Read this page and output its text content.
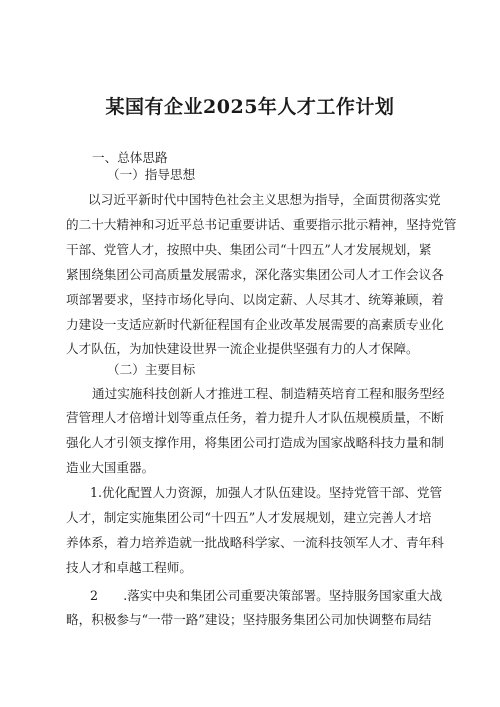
某国有企业2025年人才工作计划
一、总体思路
（一）指导思想
以习近平新时代中国特色社会主义思想为指导，全面贯彻落实党
的二十大精神和习近平总书记重要讲话、重要指示批示精神，坚持党管
干部、党管人才，按照中央、集团公司“十四五”人才发展规划，紧
紧围绕集团公司高质量发展需求，深化落实集团公司人才工作会议各
项部署要求，坚持市场化导向、以岗定薪、人尽其才、统筹兼顾，着
力建设一支适应新时代新征程国有企业改革发展需要的高素质专业化
人才队伍，为加快建设世界一流企业提供坚强有力的人才保障。
（二）主要目标
通过实施科技创新人才推进工程、制造精英培育工程和服务型经
营管理人才倍增计划等重点任务，着力提升人才队伍规模质量，不断
强化人才引领支撑作用，将集团公司打造成为国家战略科技力量和制
造业大国重器。
1.优化配置人力资源，加强人才队伍建设。坚持党管干部、党管
人才，制定实施集团公司“十四五”人才发展规划，建立完善人才培
养体系，着力培养造就一批战略科学家、一流科技领军人才、青年科
技人才和卓越工程师。
2　　.落实中央和集团公司重要决策部署。坚持服务国家重大战
略，积极参与“一带一路”建设；坚持服务集团公司加快调整布局结
